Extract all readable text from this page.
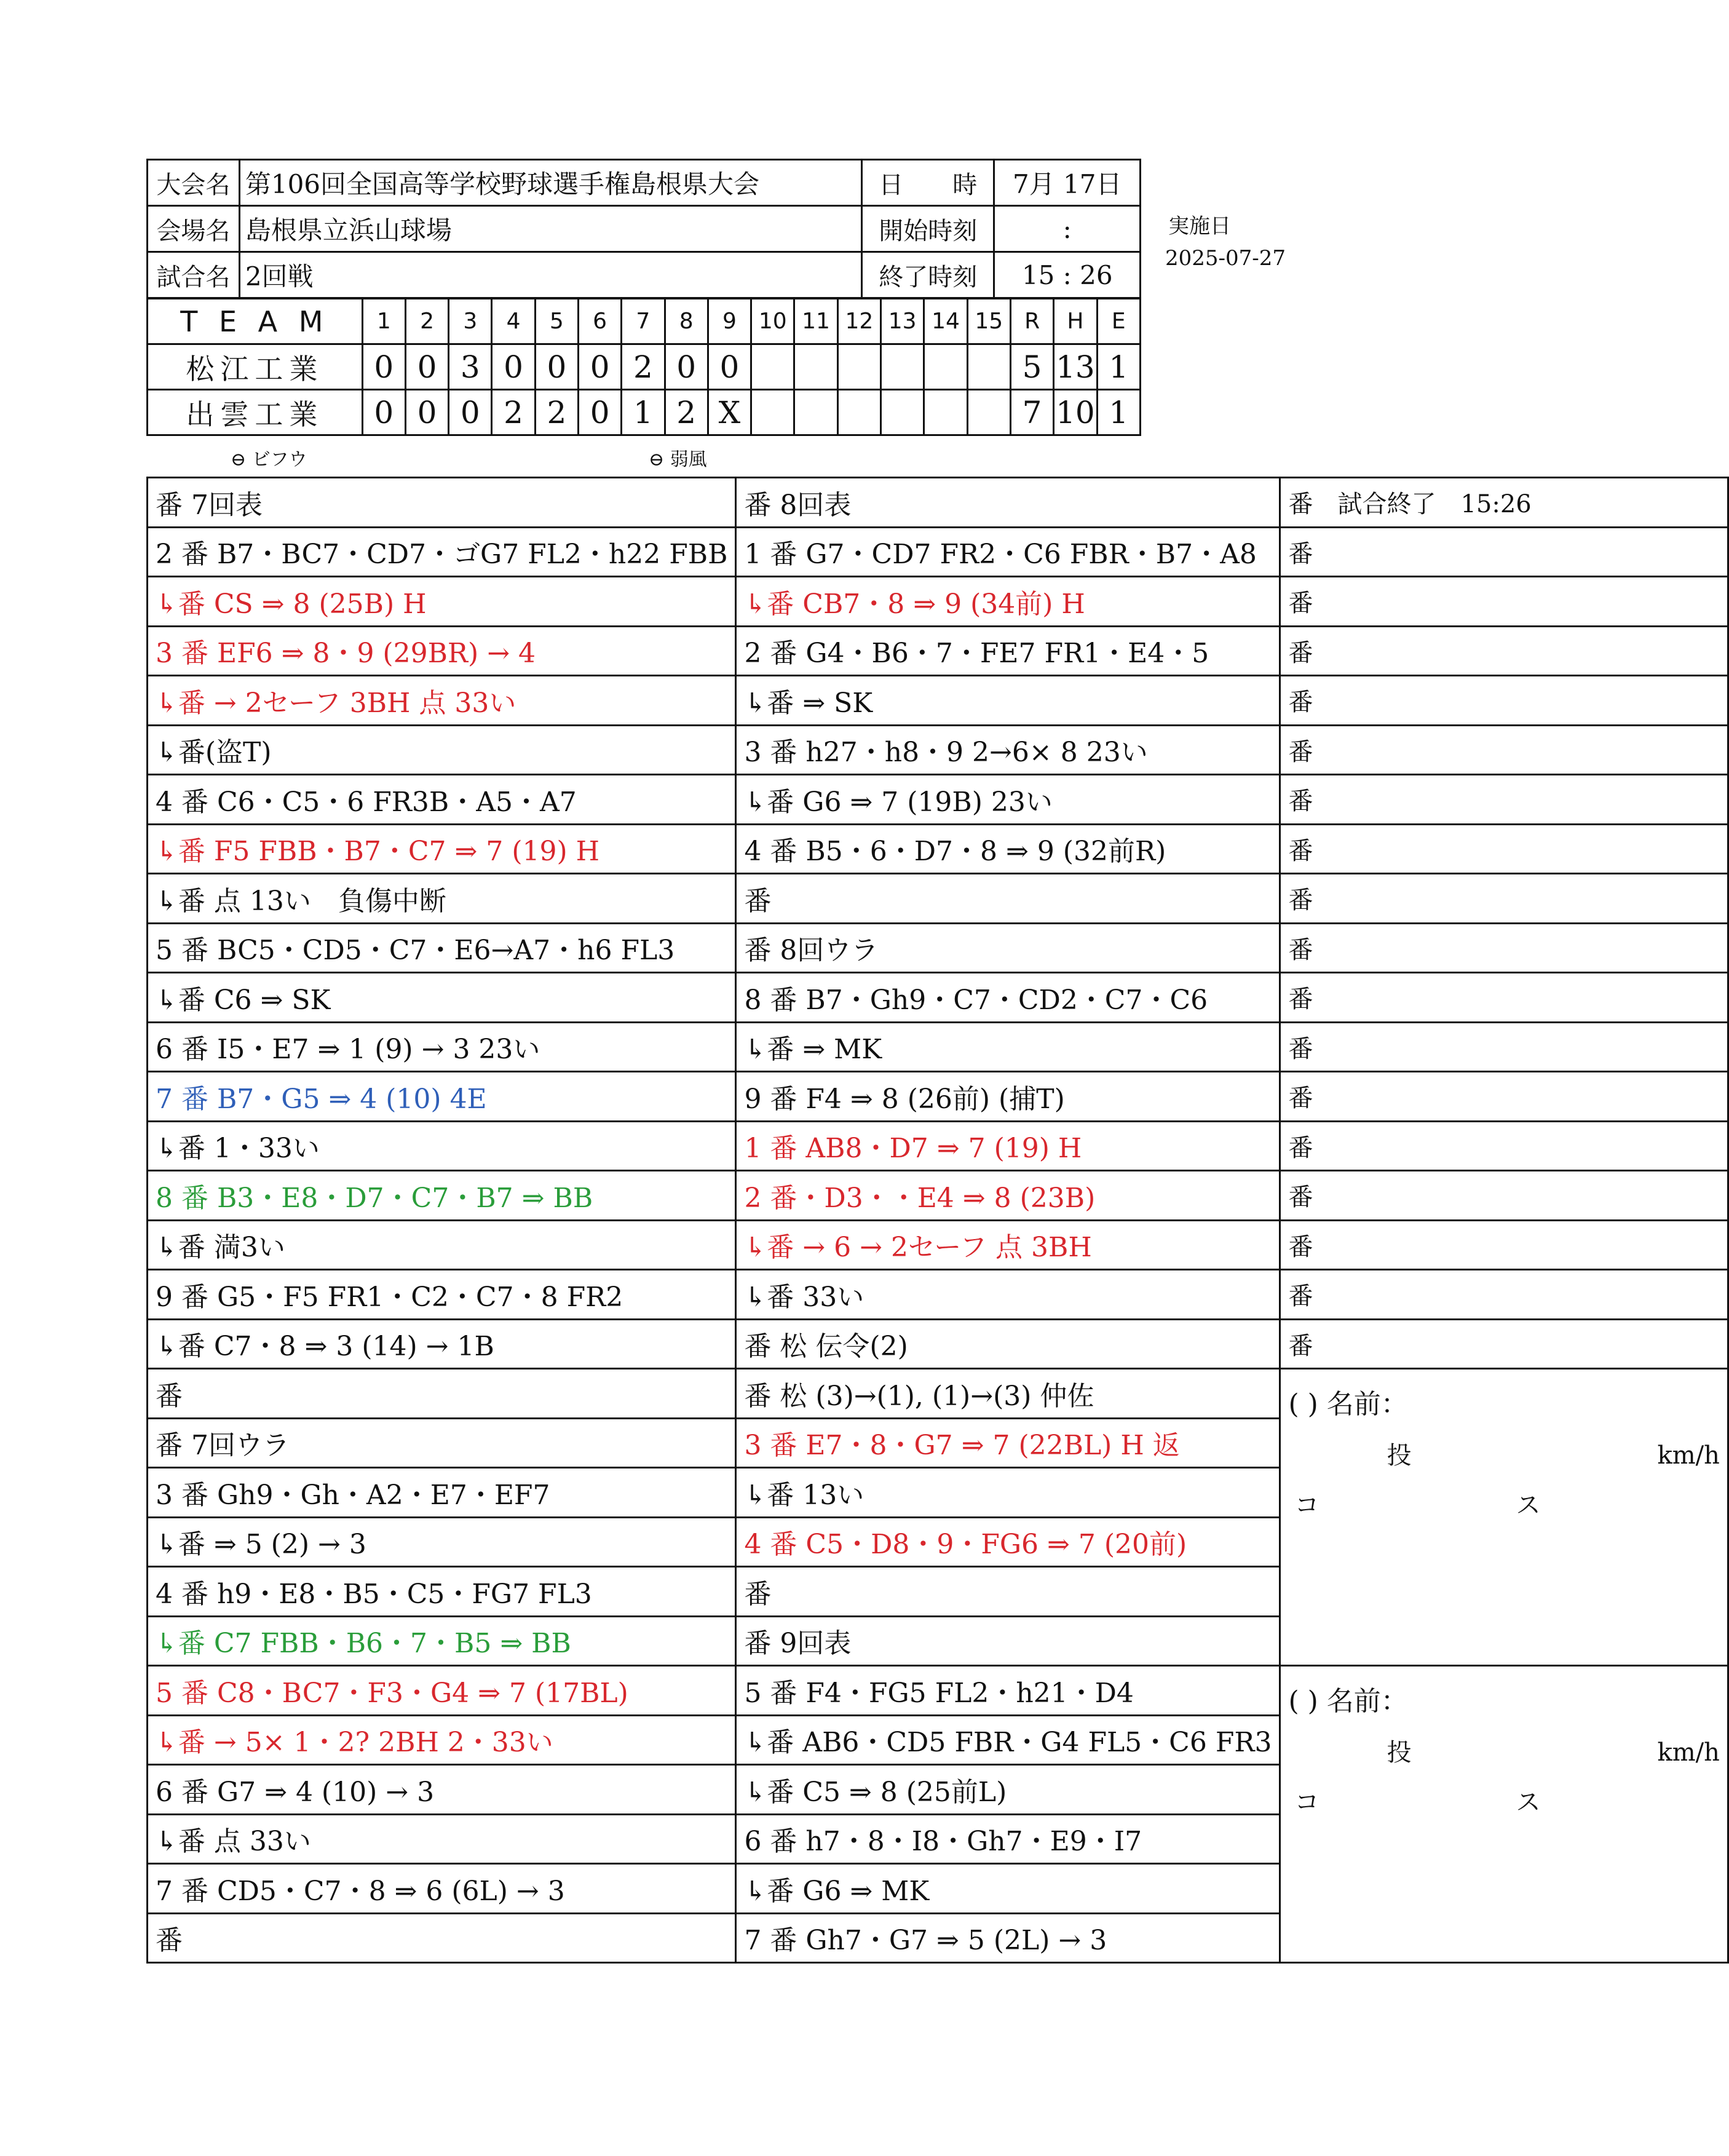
大会名	第106回全国高等学校野球選手権島根県大会	日　　時	7月 17日
会場名	島根県立浜山球場	開始時刻	:
試合名	2回戦	終了時刻	15 : 26
実施日
2025-07-27
T E A M	1	2	3	4	5	6	7	8	9	10	11	12	13	14	15	R	H	E
松江工業	0	0	3	0	0	0	2	0	0							5	13	1
出雲工業	0	0	0	2	2	0	1	2	X							7	10	1
⊖ ビフウ	⊖ 弱風
番 7回表	番 8回表	番　試合終了　15:26
2 番 B7・BC7・CD7・ゴG7 FL2・h22 FBB	1 番 G7・CD7 FR2・C6 FBR・B7・A8	番
↳番 CS ⇒ 8 (25B) H	↳番 CB7・8 ⇒ 9 (34前) H	番
3 番 EF6 ⇒ 8・9 (29BR) → 4	2 番 G4・B6・7・FE7 FR1・E4・5	番
↳番 → 2セーフ 3BH 点 33い	↳番 ⇒ SK	番
↳番(盗T)	3 番 h27・h8・9 2→6× 8 23い	番
4 番 C6・C5・6 FR3B・A5・A7	↳番 G6 ⇒ 7 (19B) 23い	番
↳番 F5 FBB・B7・C7 ⇒ 7 (19) H	4 番 B5・6・D7・8 ⇒ 9 (32前R)	番
↳番 点 13い　負傷中断	番	番
5 番 BC5・CD5・C7・E6→A7・h6 FL3	番 8回ウラ	番
↳番 C6 ⇒ SK	8 番 B7・Gh9・C7・CD2・C7・C6	番
6 番 I5・E7 ⇒ 1 (9) → 3 23い	↳番 ⇒ MK	番
7 番 B7・G5 ⇒ 4 (10) 4E	9 番 F4 ⇒ 8 (26前) (捕T)	番
↳番 1・33い	1 番 AB8・D7 ⇒ 7 (19) H	番
8 番 B3・E8・D7・C7・B7 ⇒ BB	2 番・D3・・E4 ⇒ 8 (23B)	番
↳番 満3い	↳番 → 6 → 2セーフ 点 3BH	番
9 番 G5・F5 FR1・C2・C7・8 FR2	↳番 33い	番
↳番 C7・8 ⇒ 3 (14) → 1B	番 松 伝令(2)	番
番	番 松 (3)→(1), (1)→(3) 仲佐	( ) 名前：
投 km/h
コ ス

番 7回ウラ	3 番 E7・8・G7 ⇒ 7 (22BL) H 返	
3 番 Gh9・Gh・A2・E7・EF7	↳番 13い	
↳番 ⇒ 5 (2) → 3	4 番 C5・D8・9・FG6 ⇒ 7 (20前)	
4 番 h9・E8・B5・C5・FG7 FL3	番	
↳番 C7 FBB・B6・7・B5 ⇒ BB	番 9回表	
5 番 C8・BC7・F3・G4 ⇒ 7 (17BL)	5 番 F4・FG5 FL2・h21・D4	( ) 名前：
投 km/h
コ ス

↳番 → 5× 1・2? 2BH 2・33い	↳番 AB6・CD5 FBR・G4 FL5・C6 FR3	
6 番 G7 ⇒ 4 (10) → 3	↳番 C5 ⇒ 8 (25前L)	
↳番 点 33い	6 番 h7・8・I8・Gh7・E9・I7	
7 番 CD5・C7・8 ⇒ 6 (6L) → 3	↳番 G6 ⇒ MK	
番	7 番 Gh7・G7 ⇒ 5 (2L) → 3	
